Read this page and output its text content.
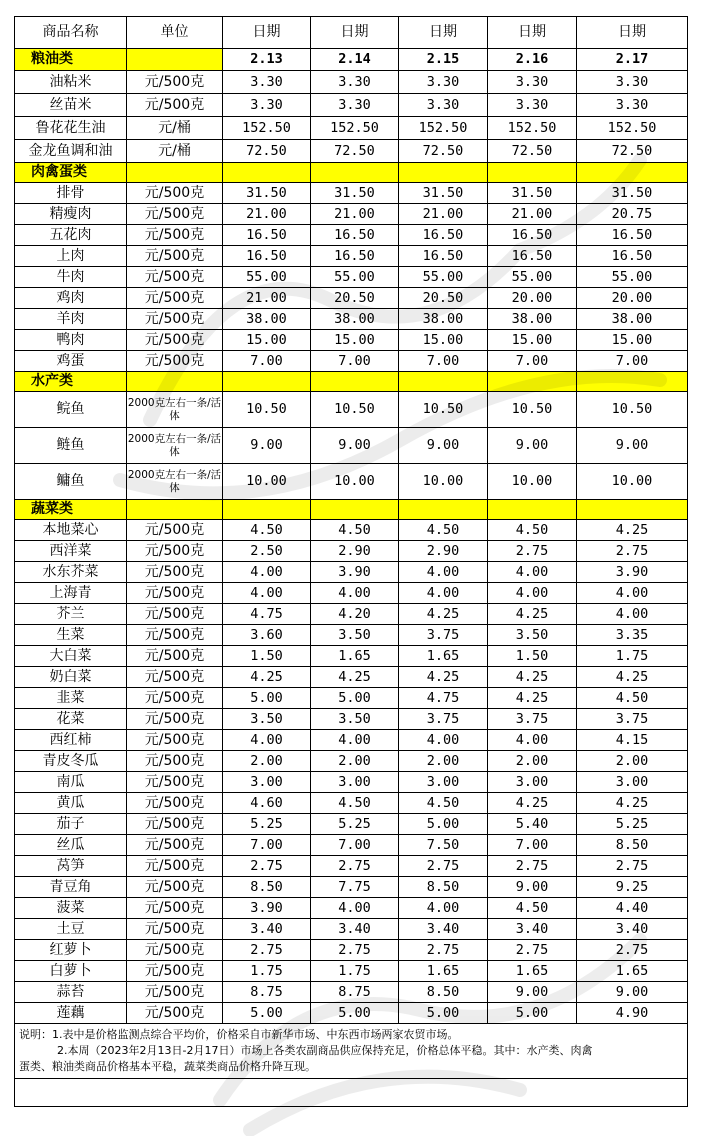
商品名称	单位	日期	日期	日期	日期	日期
粮油类		2.13	2.14	2.15	2.16	2.17
油粘米	元/500克	3.30	3.30	3.30	3.30	3.30
丝苗米	元/500克	3.30	3.30	3.30	3.30	3.30
鲁花花生油	元/桶	152.50	152.50	152.50	152.50	152.50
金龙鱼调和油	元/桶	72.50	72.50	72.50	72.50	72.50
肉禽蛋类						
排骨	元/500克	31.50	31.50	31.50	31.50	31.50
精瘦肉	元/500克	21.00	21.00	21.00	21.00	20.75
五花肉	元/500克	16.50	16.50	16.50	16.50	16.50
上肉	元/500克	16.50	16.50	16.50	16.50	16.50
牛肉	元/500克	55.00	55.00	55.00	55.00	55.00
鸡肉	元/500克	21.00	20.50	20.50	20.00	20.00
羊肉	元/500克	38.00	38.00	38.00	38.00	38.00
鸭肉	元/500克	15.00	15.00	15.00	15.00	15.00
鸡蛋	元/500克	7.00	7.00	7.00	7.00	7.00
水产类						
鲩鱼	2000克左右一条/活体	10.50	10.50	10.50	10.50	10.50
鲢鱼	2000克左右一条/活体	9.00	9.00	9.00	9.00	9.00
鳙鱼	2000克左右一条/活体	10.00	10.00	10.00	10.00	10.00
蔬菜类						
本地菜心	元/500克	4.50	4.50	4.50	4.50	4.25
西洋菜	元/500克	2.50	2.90	2.90	2.75	2.75
水东芥菜	元/500克	4.00	3.90	4.00	4.00	3.90
上海青	元/500克	4.00	4.00	4.00	4.00	4.00
芥兰	元/500克	4.75	4.20	4.25	4.25	4.00
生菜	元/500克	3.60	3.50	3.75	3.50	3.35
大白菜	元/500克	1.50	1.65	1.65	1.50	1.75
奶白菜	元/500克	4.25	4.25	4.25	4.25	4.25
韭菜	元/500克	5.00	5.00	4.75	4.25	4.50
花菜	元/500克	3.50	3.50	3.75	3.75	3.75
西红柿	元/500克	4.00	4.00	4.00	4.00	4.15
青皮冬瓜	元/500克	2.00	2.00	2.00	2.00	2.00
南瓜	元/500克	3.00	3.00	3.00	3.00	3.00
黄瓜	元/500克	4.60	4.50	4.50	4.25	4.25
茄子	元/500克	5.25	5.25	5.00	5.40	5.25
丝瓜	元/500克	7.00	7.00	7.50	7.00	8.50
莴笋	元/500克	2.75	2.75	2.75	2.75	2.75
青豆角	元/500克	8.50	7.75	8.50	9.00	9.25
菠菜	元/500克	3.90	4.00	4.00	4.50	4.40
土豆	元/500克	3.40	3.40	3.40	3.40	3.40
红萝卜	元/500克	2.75	2.75	2.75	2.75	2.75
白萝卜	元/500克	1.75	1.75	1.65	1.65	1.65
蒜苔	元/500克	8.75	8.75	8.50	9.00	9.00
莲藕	元/500克	5.00	5.00	5.00	5.00	4.90

说明：1.表中是价格监测点综合平均价，价格采自市新华市场、中东西市场两家农贸市场。
2.本周（2023年2月13日-2月17日）市场上各类农副商品供应保持充足，价格总体平稳。其中：水产类、肉禽
蛋类、粮油类商品价格基本平稳，蔬菜类商品价格升降互现。						
